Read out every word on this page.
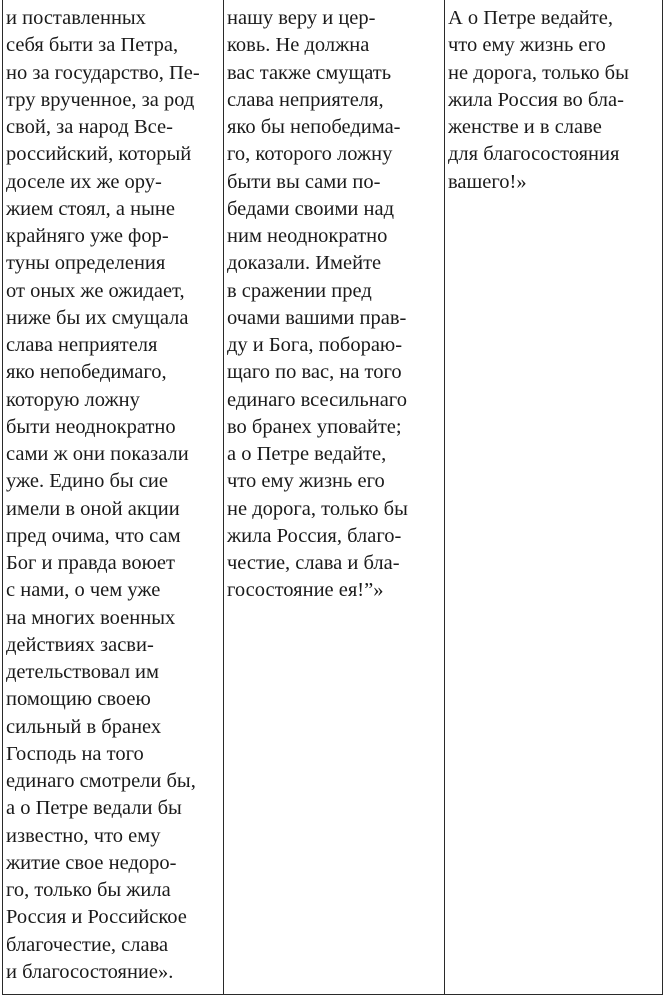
и поставленных
себя быти за Петра,
но за государство, Пе-
тру врученное, за род
свой, за народ Все-
российский, который
доселе их же ору-
жием стоял, а ныне
крайняго уже фор-
туны определения
от оных же ожидает,
ниже бы их смущала
слава неприятеля
яко непобедимаго,
которую ложну
быти неоднократно
сами ж они показали
уже. Едино бы сие
имели в оной акции
пред очима, что сам
Бог и правда воюет
с нами, о чем уже
на многих военных
действиях засви-
детельствовал им
помощию своею
сильный в бранех
Господь на того
единаго смотрели бы,
а о Петре ведали бы
известно, что ему
житие свое недоро-
го, только бы жила
Россия и Российское
благочестие, слава
и благосостояние».
нашу веру и цер-
ковь. Не должна
вас также смущать
слава неприятеля,
яко бы непобедима-
го, которого ложну
быти вы сами по-
бедами своими над
ним неоднократно
доказали. Имейте
в сражении пред
очами вашими прав-
ду и Бога, побораю-
щаго по вас, на того
единаго всесильнаго
во бранех уповайте;
а о Петре ведайте,
что ему жизнь его
не дорога, только бы
жила Россия, благо-
честие, слава и бла-
госостояние ея!”»
А о Петре ведайте,
что ему жизнь его
не дорога, только бы
жила Россия во бла-
женстве и в славе
для благосостояния
вашего!»
